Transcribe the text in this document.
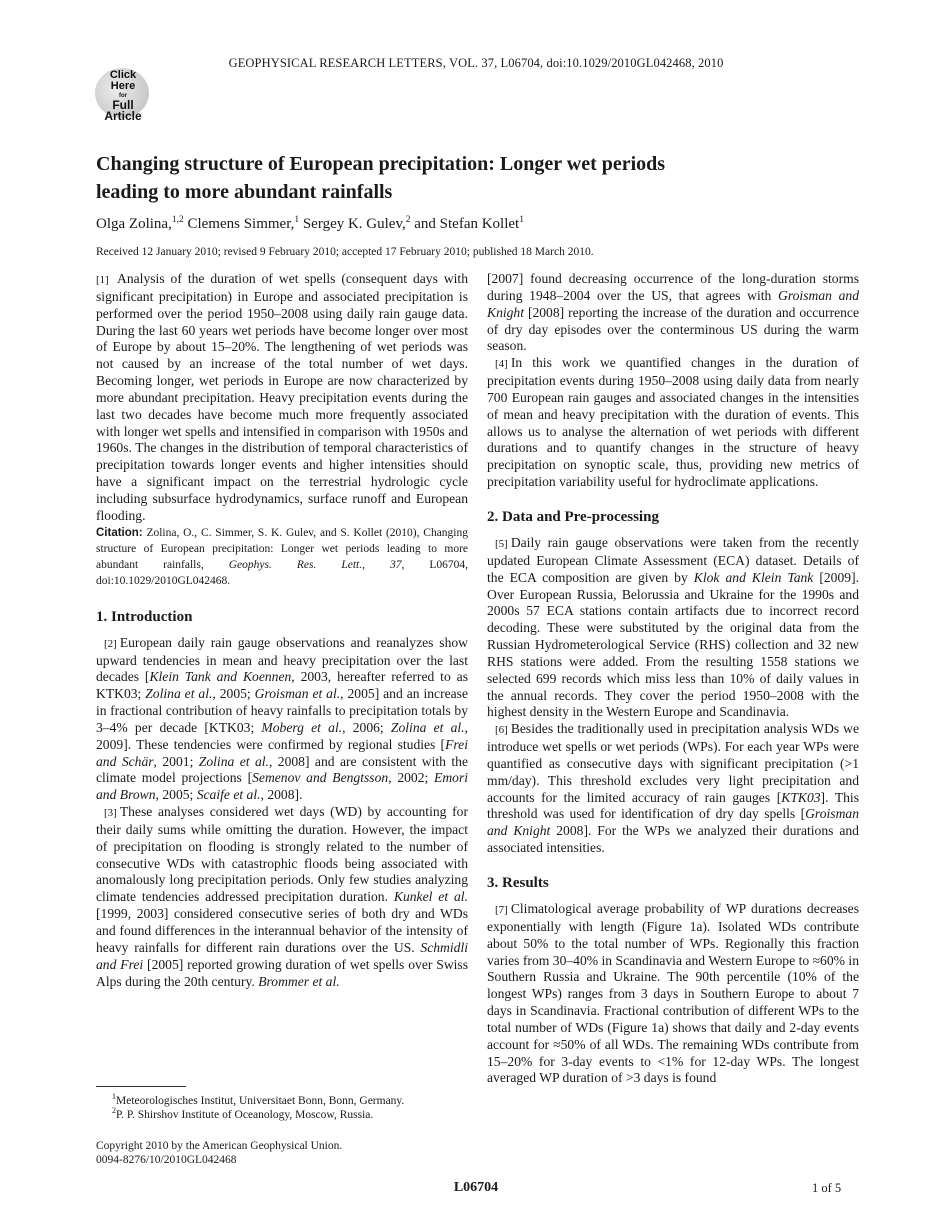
GEOPHYSICAL RESEARCH LETTERS, VOL. 37, L06704, doi:10.1029/2010GL042468, 2010
Click
Here
for
Full
Article
Changing structure of European precipitation: Longer wet periods
leading to more abundant rainfalls
Olga Zolina,$^{1,2}$ Clemens Simmer,$^1$ Sergey K. Gulev,$^2$ and Stefan Kollet$^1$
Received 12 January 2010; revised 9 February 2010; accepted 17 February 2010; published 18 March 2010.

[1] Analysis of the duration of wet spells (consequent days with significant precipitation) in Europe and associated precipitation is performed over the period 1950–2008 using daily rain gauge data. During the last 60 years wet periods have become longer over most of Europe by about 15–20%. The lengthening of wet periods was not caused by an increase of the total number of wet days. Becoming longer, wet periods in Europe are now characterized by more abundant precipitation. Heavy precipitation events during the last two decades have become much more frequently associated with longer wet spells and intensified in comparison with 1950s and 1960s. The changes in the distribution of temporal characteristics of precipitation towards longer events and higher intensities should have a significant impact on the terrestrial hydrologic cycle including subsurface hydrodynamics, surface runoff and European flooding.

Citation: Zolina, O., C. Simmer, S. K. Gulev, and S. Kollet (2010), Changing structure of European precipitation: Longer wet periods leading to more abundant rainfalls, Geophys. Res. Lett., 37, L06704, doi:10.1029/2010GL042468.

1. Introduction

[2] European daily rain gauge observations and reanalyzes show upward tendencies in mean and heavy precipitation over the last decades [Klein Tank and Koennen, 2003, hereafter referred to as KTK03; Zolina et al., 2005; Groisman et al., 2005] and an increase in fractional contribution of heavy rainfalls to precipitation totals by 3–4% per decade [KTK03; Moberg et al., 2006; Zolina et al., 2009]. These tendencies were confirmed by regional studies [Frei and Schär, 2001; Zolina et al., 2008] and are consistent with the climate model projections [Semenov and Bengtsson, 2002; Emori and Brown, 2005; Scaife et al., 2008].

[3] These analyses considered wet days (WD) by accounting for their daily sums while omitting the duration. However, the impact of precipitation on flooding is strongly related to the number of consecutive WDs with catastrophic floods being associated with anomalously long precipitation periods. Only few studies analyzing climate tendencies addressed precipitation duration. Kunkel et al. [1999, 2003] considered consecutive series of both dry and WDs and found differences in the interannual behavior of the intensity of heavy rainfalls for different rain durations over the US. Schmidli and Frei [2005] reported growing duration of wet spells over Swiss Alps during the 20th century. Brommer et al.

[2007] found decreasing occurrence of the long-duration storms during 1948–2004 over the US, that agrees with Groisman and Knight [2008] reporting the increase of the duration and occurrence of dry day episodes over the conterminous US during the warm season.

[4] In this work we quantified changes in the duration of precipitation events during 1950–2008 using daily data from nearly 700 European rain gauges and associated changes in the intensities of mean and heavy precipitation with the duration of events. This allows us to analyse the alternation of wet periods with different durations and to quantify changes in the structure of heavy precipitation on synoptic scale, thus, providing new metrics of precipitation variability useful for hydroclimate applications.

2. Data and Pre-processing

[5] Daily rain gauge observations were taken from the recently updated European Climate Assessment (ECA) dataset. Details of the ECA composition are given by Klok and Klein Tank [2009]. Over European Russia, Belorussia and Ukraine for the 1990s and 2000s 57 ECA stations contain artifacts due to incorrect record decoding. These were substituted by the original data from the Russian Hydrometerological Service (RHS) collection and 32 new RHS stations were added. From the resulting 1558 stations we selected 699 records which miss less than 10% of daily values in the annual records. They cover the period 1950–2008 with the highest density in the Western Europe and Scandinavia.

[6] Besides the traditionally used in precipitation analysis WDs we introduce wet spells or wet periods (WPs). For each year WPs were quantified as consecutive days with significant precipitation (>1 mm/day). This threshold excludes very light precipitation and accounts for the limited accuracy of rain gauges [KTK03]. This threshold was used for identification of dry day spells [Groisman and Knight 2008]. For the WPs we analyzed their durations and associated intensities.

3. Results

[7] Climatological average probability of WP durations decreases exponentially with length (Figure 1a). Isolated WDs contribute about 50% to the total number of WPs. Regionally this fraction varies from 30–40% in Scandinavia and Western Europe to ≈60% in Southern Russia and Ukraine. The 90th percentile (10% of the longest WPs) ranges from 3 days in Southern Europe to about 7 days in Scandinavia. Fractional contribution of different WPs to the total number of WDs (Figure 1a) shows that daily and 2-day events account for ≈50% of all WDs. The remaining WDs contribute from 15–20% for 3-day events to <1% for 12-day WPs. The longest averaged WP duration of >3 days is found

$^1$Meteorologisches Institut, Universitaet Bonn, Bonn, Germany.
$^2$P. P. Shirshov Institute of Oceanology, Moscow, Russia.
Copyright 2010 by the American Geophysical Union.
0094-8276/10/2010GL042468
L06704	1 of 5
